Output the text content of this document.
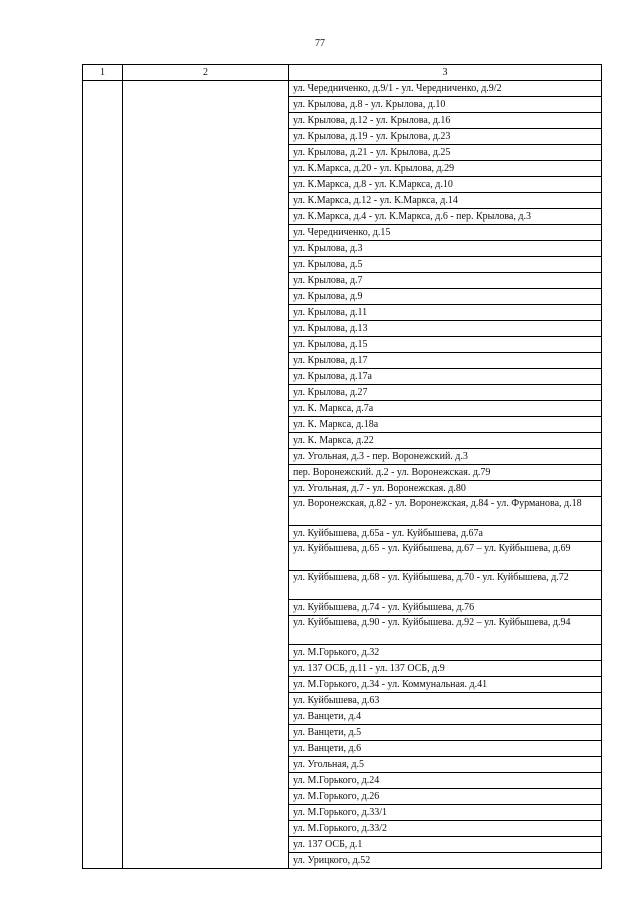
77
1	2	3
		ул. Чередниченко, д.9/1 - ул. Чередниченко, д.9/2
		ул. Крылова, д.8 - ул. Крылова, д.10
		ул. Крылова, д.12 - ул. Крылова, д.16
		ул. Крылова, д.19 - ул. Крылова, д.23
		ул. Крылова, д.21 - ул. Крылова, д.25
		ул. К.Маркса, д.20 - ул. Крылова, д.29
		ул. К.Маркса, д.8 - ул. К.Маркса, д.10
		ул. К.Маркса, д.12 - ул. К.Маркса, д.14
		ул. К.Маркса, д.4 - ул. К.Маркса, д.6 - пер. Крылова, д.3
		ул. Чередниченко, д.15
		ул. Крылова, д.3
		ул. Крылова, д.5
		ул. Крылова, д.7
		ул. Крылова, д.9
		ул. Крылова, д.11
		ул. Крылова, д.13
		ул. Крылова, д.15
		ул. Крылова, д.17
		ул. Крылова, д.17а
		ул. Крылова, д.27
		ул. К. Маркса, д.7а
		ул. К. Маркса, д.18а
		ул. К. Маркса, д.22
		ул. Угольная, д.3 - пер. Воронежский. д.3
		пер. Воронежский. д.2 - ул. Воронежская. д.79
		ул. Угольная, д.7 - ул. Воронежская. д.80
		ул. Воронежская, д.82 - ул. Воронежская, д.84 - ул. Фурманова, д.18
		ул. Куйбышева, д.65а - ул. Куйбышева, д.67а
		ул. Куйбышева, д.65 - ул. Куйбышева, д.67 – ул. Куйбышева, д.69
		ул. Куйбышева, д.68 - ул. Куйбышева, д.70 - ул. Куйбышева, д.72
		ул. Куйбышева, д.74 - ул. Куйбышева, д.76
		ул. Куйбышева, д.90 - ул. Куйбышева. д.92 – ул. Куйбышева, д.94
		ул. М.Горького, д.32
		ул. 137 ОСБ, д.11 - ул. 137 ОСБ, д.9
		ул. М.Горького, д.34 - ул. Коммунальная. д.41
		ул. Куйбышева, д.63
		ул. Ванцети, д.4
		ул. Ванцети, д.5
		ул. Ванцети, д.6
		ул. Угольная, д.5
		ул. М.Горького, д.24
		ул. М.Горького, д.26
		ул. М.Горького, д.33/1
		ул. М.Горького, д.33/2
		ул. 137 ОСБ, д.1
		ул. Урицкого, д.52
